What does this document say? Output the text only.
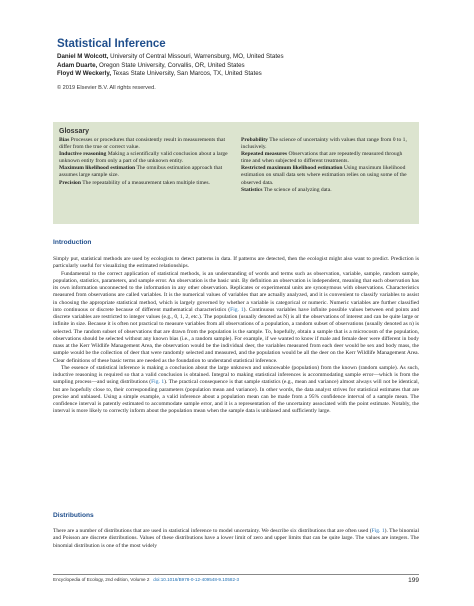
Statistical Inference
Daniel M Wolcott, University of Central Missouri, Warrensburg, MO, United States
Adam Duarte, Oregon State University, Corvallis, OR, United States
Floyd W Weckerly, Texas State University, San Marcos, TX, United States
© 2019 Elsevier B.V. All rights reserved.
Glossary

Bias Processes or procedures that consistently result in measurements that differ from the true or correct value.

Inductive reasoning Making a scientifically valid conclusion about a large unknown entity from only a part of the unknown entity.

Maximum likelihood estimation The omnibus estimation approach that assumes large sample size.

Precision The repeatability of a measurement taken multiple times.

Probability The science of uncertainty with values that range from 0 to 1, inclusively.

Repeated measures Observations that are repeatedly measured through time and when subjected to different treatments.

Restricted maximum likelihood estimation Using maximum likelihood estimation on small data sets where estimation relies on using some of the observed data.

Statistics The science of analyzing data.

Introduction

Simply put, statistical methods are used by ecologists to detect patterns in data. If patterns are detected, then the ecologist might also want to predict. Prediction is particularly useful for visualizing the estimated relationships.

Fundamental to the correct application of statistical methods, is an understanding of words and terms such as observation, variable, sample, random sample, population, statistics, parameters, and sample error. An observation is the basic unit. By definition an observation is independent, meaning that each observation has its own information unconnected to the information in any other observation. Replicates or experimental units are synonymous with observations. Characteristics measured from observations are called variables. It is the numerical values of variables that are actually analyzed, and it is convenient to classify variables to assist in choosing the appropriate statistical method, which is largely governed by whether a variable is categorical or numeric. Numeric variables are further classified into continuous or discrete because of different mathematical characteristics (Fig. 1). Continuous variables have infinite possible values between end points and discrete variables are restricted to integer values (e.g., 0, 1, 2, etc.). The population (usually denoted as N) is all the observations of interest and can be quite large or infinite in size. Because it is often not practical to measure variables from all observations of a population, a random subset of observations (usually denoted as n) is selected. The random subset of observations that are drawn from the population is the sample. To, hopefully, obtain a sample that is a microcosm of the population, observations should be selected without any known bias (i.e., a random sample). For example, if we wanted to know if male and female deer were different in body mass at the Kerr Wildlife Management Area, the observation would be the individual deer, the variables measured from each deer would be sex and body mass, the sample would be the collection of deer that were randomly selected and measured, and the population would be all the deer on the Kerr Wildlife Management Area. Clear definitions of these basic terms are needed as the foundation to understand statistical inference.

The essence of statistical inference is making a conclusion about the large unknown and unknowable (population) from the known (random sample). As such, inductive reasoning is required so that a valid conclusion is obtained. Integral to making statistical inferences is accommodating sample error—which is from the sampling process—and using distributions (Fig. 1). The practical consequence is that sample statistics (e.g., mean and variance) almost always will not be identical, but are hopefully close to, their corresponding parameters (population mean and variance). In other words, the data analyst strives for statistical estimates that are precise and unbiased. Using a simple example, a valid inference about a population mean can be made from a 95% confidence interval of a sample mean. The confidence interval is patently estimated to accommodate sample error, and it is a representation of the uncertainty associated with the point estimate. Notably, the interval is more likely to correctly inform about the population mean when the sample data is unbiased and sufficiently large.

Distributions

There are a number of distributions that are used in statistical inference to model uncertainty. We describe six distributions that are often used (Fig. 1). The binomial and Poisson are discrete distributions. Values of these distributions have a lower limit of zero and upper limits that can be quite large. The values are integers. The binomial distribution is one of the most widely

Encyclopedia of Ecology, 2nd edition, Volume 2 doi:10.1016/B978-0-12-409548-9.10582-3	199
